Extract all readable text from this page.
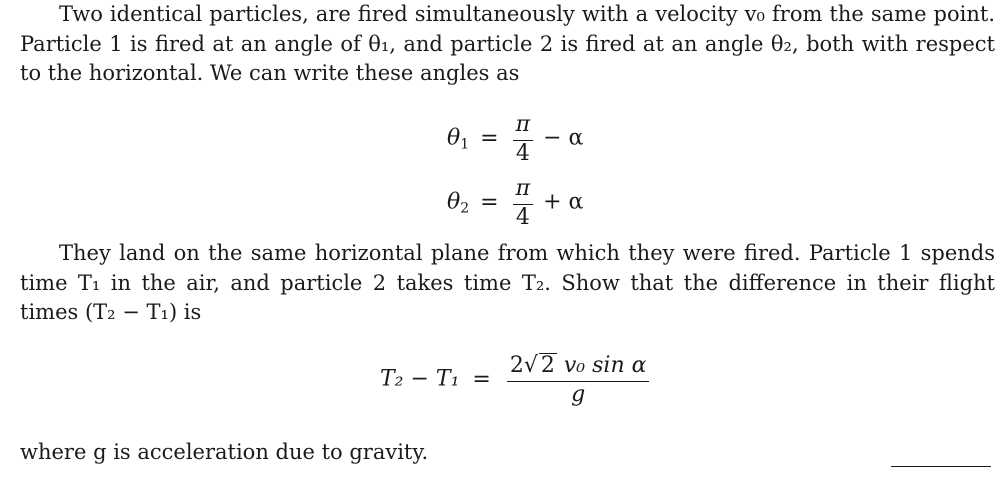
Two identical particles, are fired simultaneously with a velocity v₀ from the same point. Particle 1 is fired at an angle of θ₁, and particle 2 is fired at an angle θ₂, both with respect to the horizontal. We can write these angles as

$\theta_1 = \frac{\pi}{4} - \alpha$
$\theta_2 = \frac{\pi}{4} + \alpha$

They land on the same horizontal plane from which they were fired. Particle 1 spends time T₁ in the air, and particle 2 takes time T₂. Show that the difference in their flight times (T₂ − T₁) is

$T_2 - T_1 = \frac{\text{2√ 2 v₀ sin α}}{g}$

where g is acceleration due to gravity.
